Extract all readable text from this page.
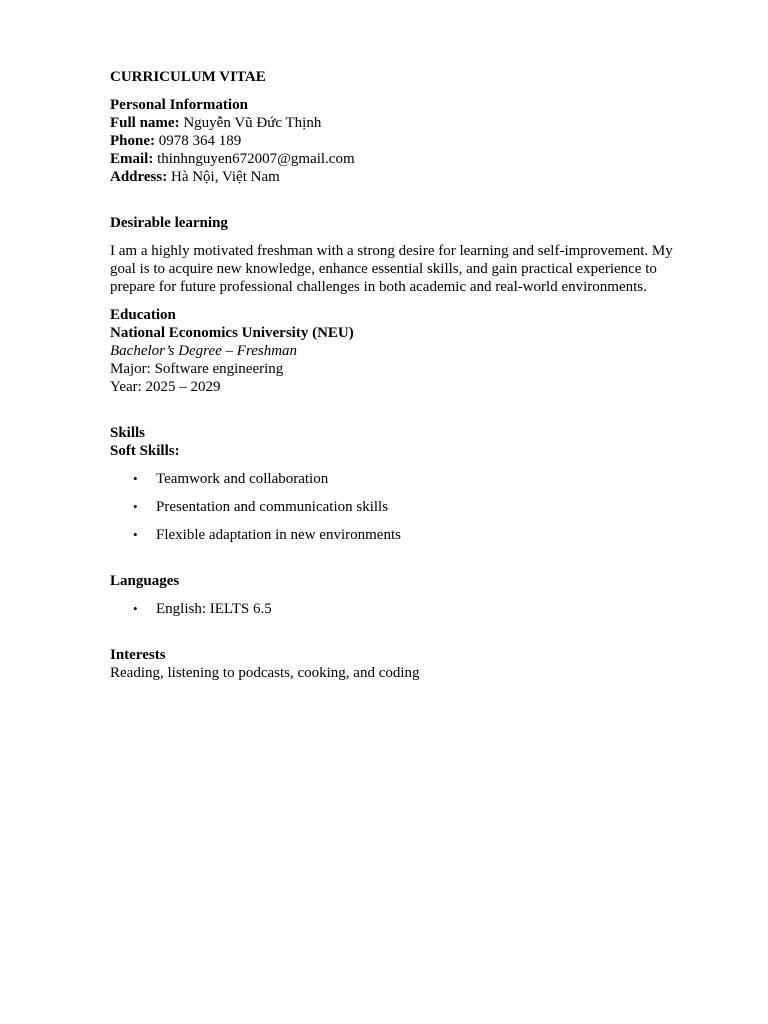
CURRICULUM VITAE
Personal Information
Full name: Nguyễn Vũ Đức Thịnh
Phone: 0978 364 189
Email: thinhnguyen672007@gmail.com
Address: Hà Nội, Việt Nam
Desirable learning

I am a highly motivated freshman with a strong desire for learning and self-improvement. My goal is to acquire new knowledge, enhance essential skills, and gain practical experience to prepare for future professional challenges in both academic and real-world environments.

Education
National Economics University (NEU)
Bachelor’s Degree – Freshman
Major: Software engineering
Year: 2025 – 2029
Skills
Soft Skills:
• Teamwork and collaboration
• Presentation and communication skills
• Flexible adaptation in new environments
Languages
• English: IELTS 6.5
Interests
Reading, listening to podcasts, cooking, and coding
